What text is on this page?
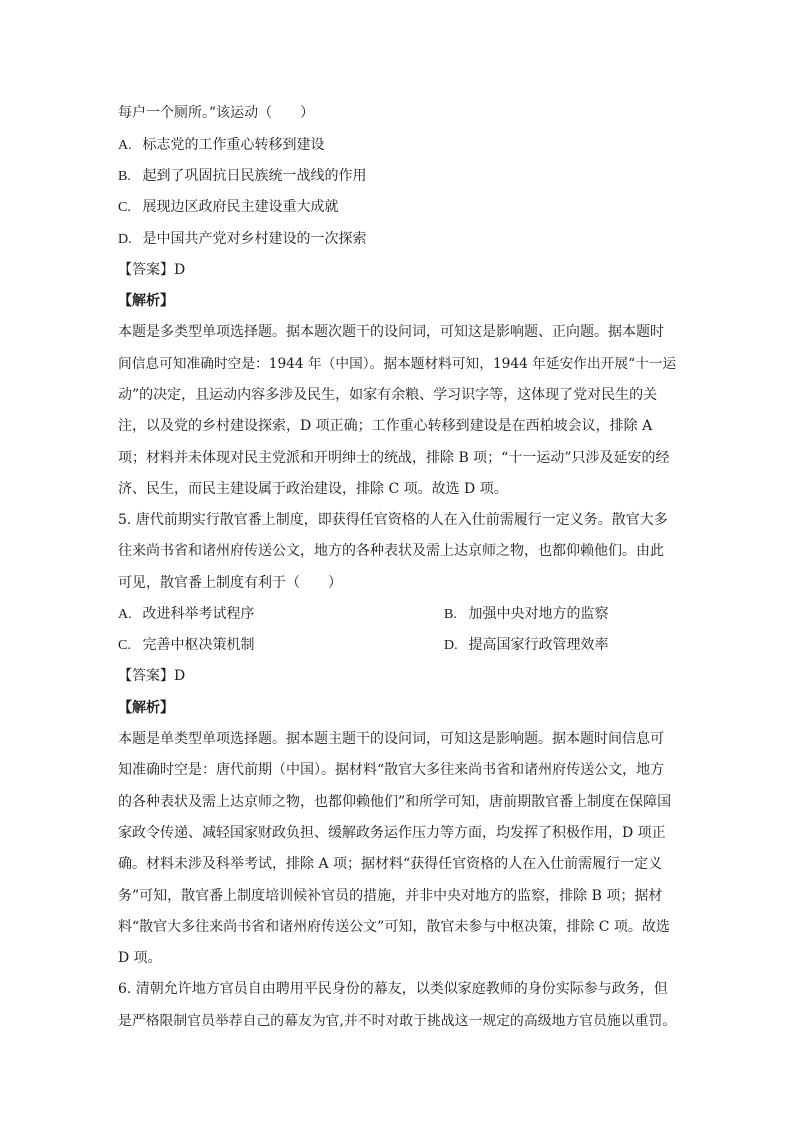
每户一个厕所。”该运动（　　）
A. 标志党的工作重心转移到建设
B. 起到了巩固抗日民族统一战线的作用
C. 展现边区政府民主建设重大成就
D. 是中国共产党对乡村建设的一次探索
【答案】D
【解析】
本题是多类型单项选择题。据本题次题干的设问词，可知这是影响题、正向题。据本题时
间信息可知准确时空是：1944 年（中国）。据本题材料可知，1944 年延安作出开展“十一运
动”的决定，且运动内容多涉及民生，如家有余粮、学习识字等，这体现了党对民生的关
注，以及党的乡村建设探索，D 项正确；工作重心转移到建设是在西柏坡会议，排除 A
项；材料并未体现对民主党派和开明绅士的统战，排除 B 项；“十一运动”只涉及延安的经
济、民生，而民主建设属于政治建设，排除 C 项。故选 D 项。
5. 唐代前期实行散官番上制度，即获得任官资格的人在入仕前需履行一定义务。散官大多
往来尚书省和诸州府传送公文，地方的各种表状及需上达京师之物，也都仰赖他们。由此
可见，散官番上制度有利于（　　）
A. 改进科举考试程序	B. 加强中央对地方的监察
C. 完善中枢决策机制	D. 提高国家行政管理效率
【答案】D
【解析】
本题是单类型单项选择题。据本题主题干的设问词，可知这是影响题。据本题时间信息可
知准确时空是：唐代前期（中国）。据材料“散官大多往来尚书省和诸州府传送公文，地方
的各种表状及需上达京师之物，也都仰赖他们”和所学可知，唐前期散官番上制度在保障国
家政令传递、减轻国家财政负担、缓解政务运作压力等方面，均发挥了积极作用，D 项正
确。材料未涉及科举考试，排除 A 项；据材料“获得任官资格的人在入仕前需履行一定义
务”可知，散官番上制度培训候补官员的措施，并非中央对地方的监察，排除 B 项；据材
料“散官大多往来尚书省和诸州府传送公文”可知，散官未参与中枢决策，排除 C 项。故选
D 项。
6. 清朝允许地方官员自由聘用平民身份的幕友，以类似家庭教师的身份实际参与政务，但
是严格限制官员举荐自己的幕友为官,并不时对敢于挑战这一规定的高级地方官员施以重罚。
